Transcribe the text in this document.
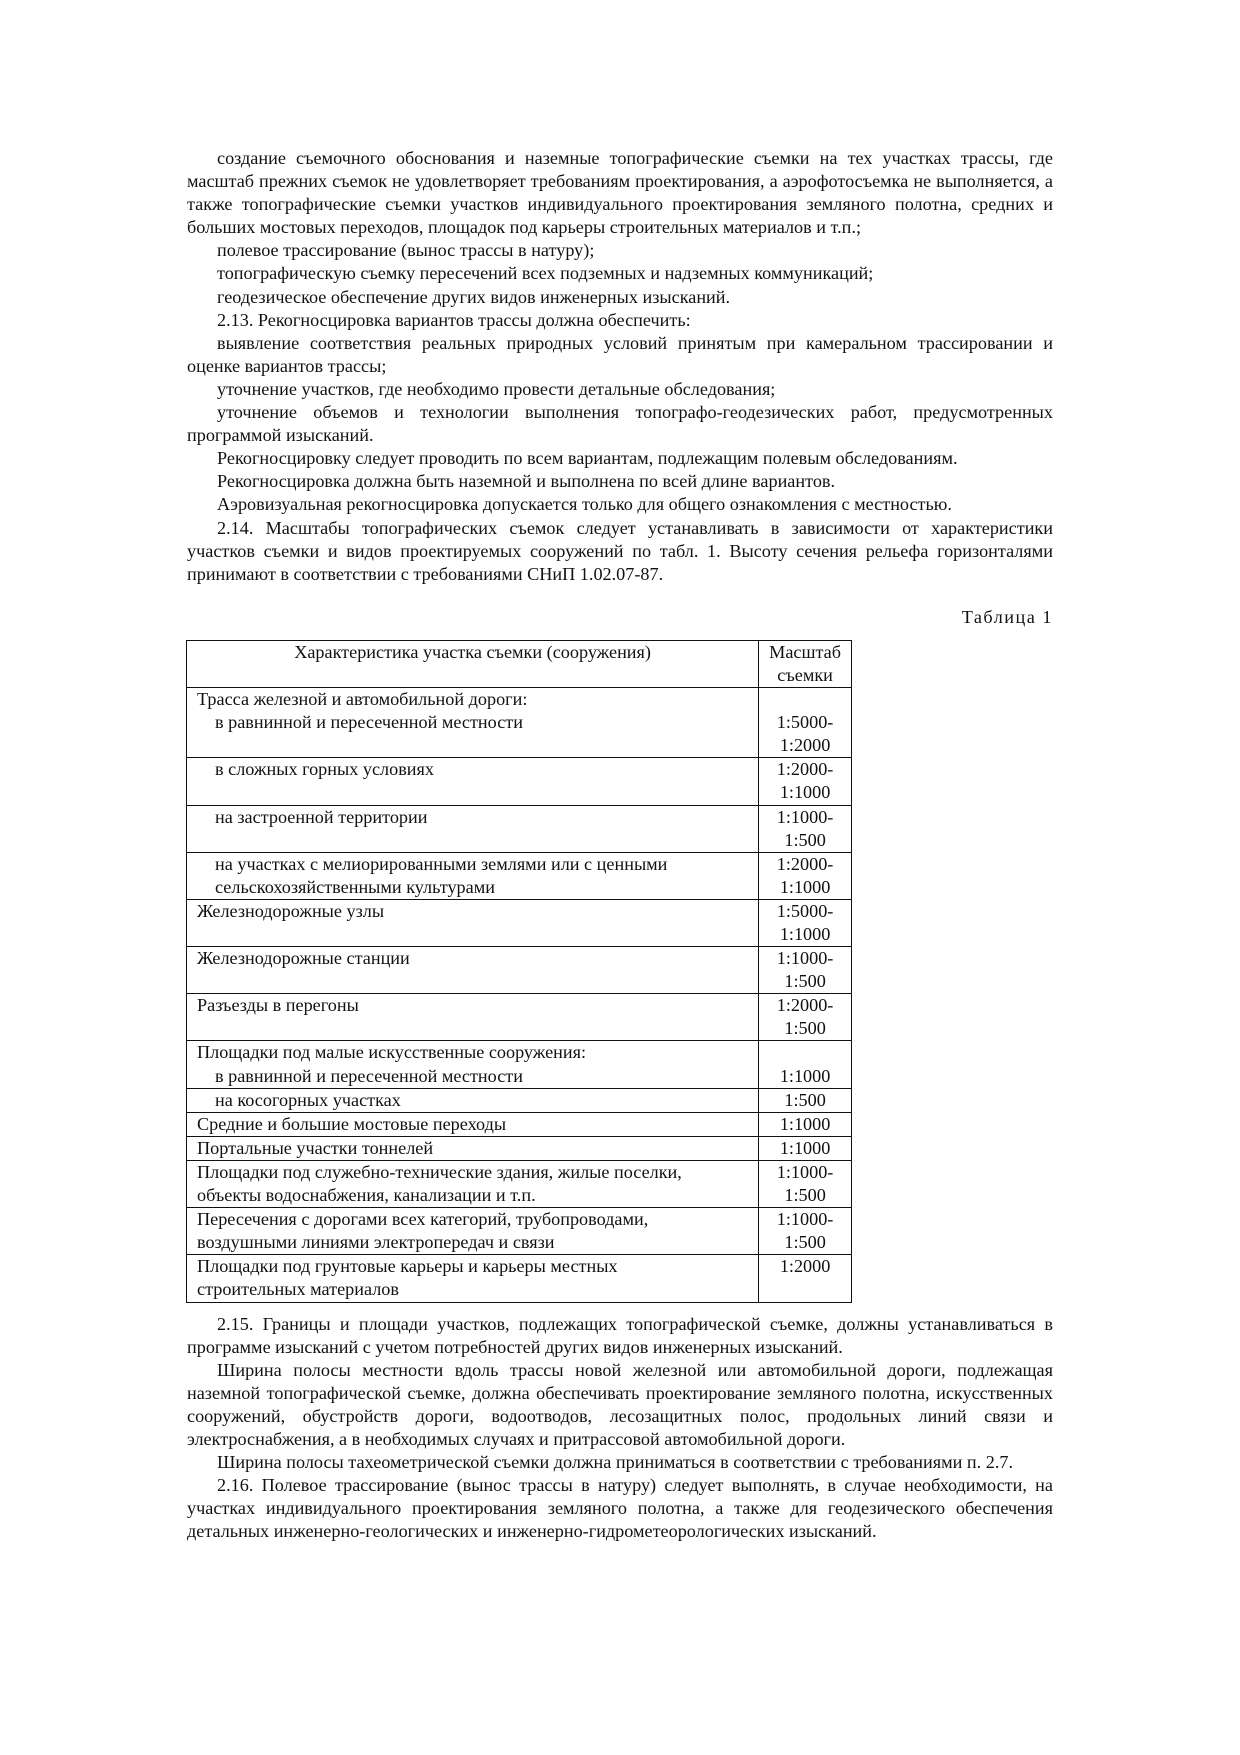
создание съемочного обоснования и наземные топографические съемки на тех участках трассы, где масштаб прежних съемок не удовлетворяет требованиям проектирования, а аэрофотосъемка не выполняется, а также топографические съемки участков индивидуального проектирования земляного полотна, средних и больших мостовых переходов, площадок под карьеры строительных материалов и т.п.;

полевое трассирование (вынос трассы в натуру);

топографическую съемку пересечений всех подземных и надземных коммуникаций;

геодезическое обеспечение других видов инженерных изысканий.

2.13. Рекогносцировка вариантов трассы должна обеспечить:

выявление соответствия реальных природных условий принятым при камеральном трассировании и оценке вариантов трассы;

уточнение участков, где необходимо провести детальные обследования;

уточнение объемов и технологии выполнения топографо-геодезических работ, предусмотренных программой изысканий.

Рекогносцировку следует проводить по всем вариантам, подлежащим полевым обследованиям.

Рекогносцировка должна быть наземной и выполнена по всей длине вариантов.

Аэровизуальная рекогносцировка допускается только для общего ознакомления с местностью.

2.14. Масштабы топографических съемок следует устанавливать в зависимости от характеристики участков съемки и видов проектируемых сооружений по табл. 1. Высоту сечения рельефа горизонталями принимают в соответствии с требованиями СНиП 1.02.07-87.

Таблица 1
Характеристика участка съемки (сооружения)	Масштаб съемки
Трасса железной и автомобильной дороги:
в равнинной и пересеченной местности	1:5000-1:2000

в сложных горных условиях	1:2000-1:1000

на застроенной территории	1:1000-1:500

на участках с мелиорированными землями или с ценными сельскохозяйственными культурами	1:2000-1:1000
Железнодорожные узлы	1:5000-1:1000
Железнодорожные станции	1:1000-1:500
Разъезды в перегоны	1:2000-1:500
Площадки под малые искусственные сооружения:
в равнинной и пересеченной местности	1:1000

на косогорных участках	1:500
Средние и большие мостовые переходы	1:1000
Портальные участки тоннелей	1:1000
Площадки под служебно-технические здания, жилые поселки, объекты водоснабжения, канализации и т.п.	1:1000-1:500
Пересечения с дорогами всех категорий, трубопроводами, воздушными линиями электропередач и связи	1:1000-1:500
Площадки под грунтовые карьеры и карьеры местных строительных материалов	1:2000

2.15. Границы и площади участков, подлежащих топографической съемке, должны устанавливаться в программе изысканий с учетом потребностей других видов инженерных изысканий.

Ширина полосы местности вдоль трассы новой железной или автомобильной дороги, подлежащая наземной топографической съемке, должна обеспечивать проектирование земляного полотна, искусственных сооружений, обустройств дороги, водоотводов, лесозащитных полос, продольных линий связи и электроснабжения, а в необходимых случаях и притрассовой автомобильной дороги.

Ширина полосы тахеометрической съемки должна приниматься в соответствии с требованиями п. 2.7.

2.16. Полевое трассирование (вынос трассы в натуру) следует выполнять, в случае необходимости, на участках индивидуального проектирования земляного полотна, а также для геодезического обеспечения детальных инженерно-геологических и инженерно-гидрометеорологических изысканий.
